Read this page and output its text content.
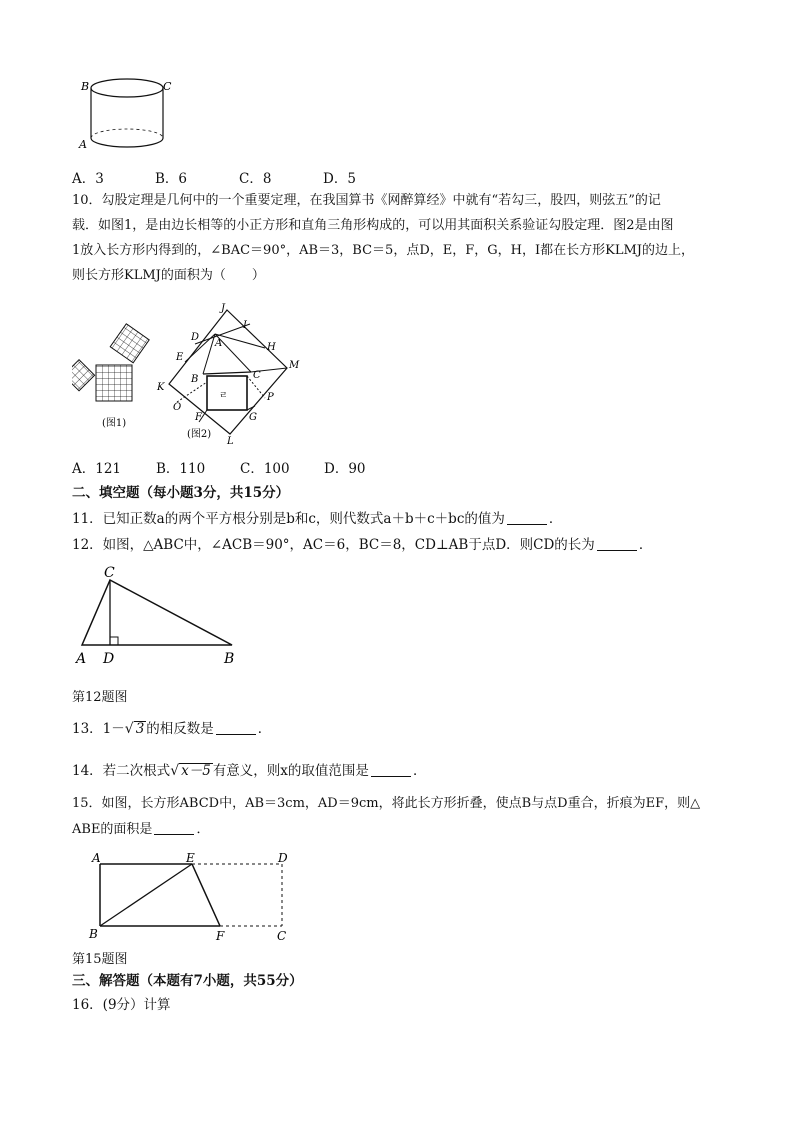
B	C
A
A．3	B．6	C．8	D．5
10．勾股定理是几何中的一个重要定理，在我国算书《网醉算经》中就有“若勾三，股四，则弦五”的记
载．如图1，是由边长相等的小正方形和直角三角形构成的，可以用其面积关系验证勾股定理．图2是由图
1放入长方形内得到的，∠BAC＝90°，AB＝3，BC＝5，点D，E，F，G，H，I都在长方形KLMJ的边上，
则长方形KLMJ的面积为（　　）
(图1)
ㄹ
J
I
D
A	H
M
E
C
K
B
P
O
F	G
L
(图2)
A．121	B．110	C．100	D．90
二、填空题（每小题3分，共15分）
11．已知正数a的两个平方根分别是b和c，则代数式a＋b＋c＋bc的值为	．
12．如图，△ABC中，∠ACB＝90°，AC＝6，BC＝8，CD⊥AB于点D．则CD的长为	．
C
A D	B
第12题图
13．1－√ 3 的相反数是	．
14．若二次根式√ x－5 有意义，则x的取值范围是	．
15．如图，长方形ABCD中，AB＝3cm，AD＝9cm，将此长方形折叠，使点B与点D重合，折痕为EF，则△
ABE的面积是	．
A	E	D
B	F	C
第15题图
三、解答题（本题有7小题，共55分）
16．(9分）计算
